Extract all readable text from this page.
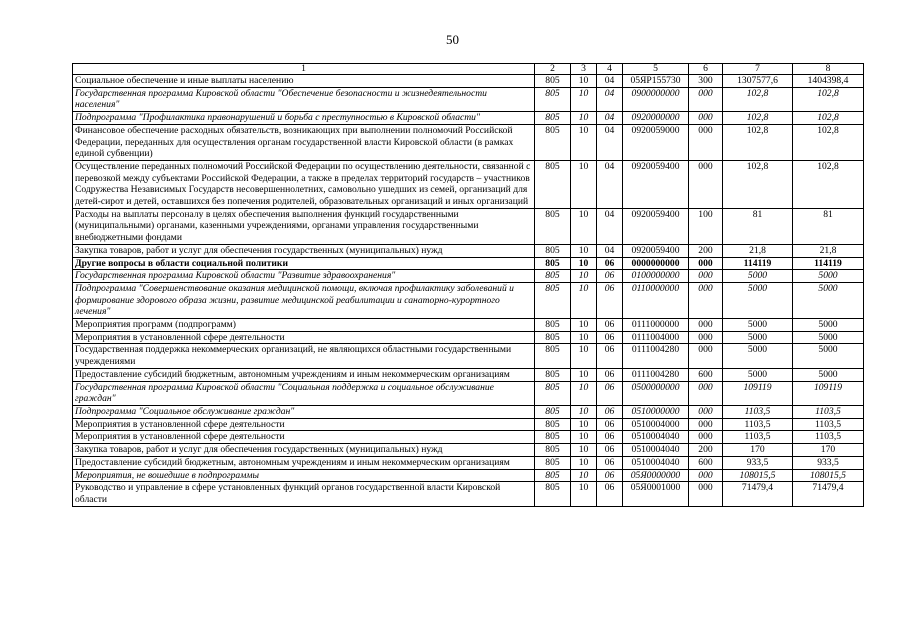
50
1	2	3	4	5	6	7	8
Социальное обеспечение и иные выплаты населению	805	10	04	05ЯР155730	300	1307577,6	1404398,4
Государственная программа Кировской области "Обеспечение безопасности и жизнедеятельности населения"	805	10	04	0900000000	000	102,8	102,8
Подпрограмма "Профилактика правонарушений и борьба с преступностью в Кировской области"	805	10	04	0920000000	000	102,8	102,8
Финансовое обеспечение расходных обязательств, возникающих при выполнении полномочий Российской Федерации, переданных для осуществления органам государственной власти Кировской области (в рамках единой субвенции)	805	10	04	0920059000	000	102,8	102,8
Осуществление переданных полномочий Российской Федерации по осуществлению деятельности, связанной с перевозкой между субъектами Российской Федерации, а также в пределах территорий государств – участников Содружества Независимых Государств несовершеннолетних, самовольно ушедших из семей, организаций для детей-сирот и детей, оставшихся без попечения родителей, образовательных организаций и иных организаций	805	10	04	0920059400	000	102,8	102,8
Расходы на выплаты персоналу в целях обеспечения выполнения функций государственными (муниципальными) органами, казенными учреждениями, органами управления государственными внебюджетными фондами	805	10	04	0920059400	100	81	81
Закупка товаров, работ и услуг для обеспечения государственных (муниципальных) нужд	805	10	04	0920059400	200	21,8	21,8
Другие вопросы в области социальной политики	805	10	06	0000000000	000	114119	114119
Государственная программа Кировской области "Развитие здравоохранения"	805	10	06	0100000000	000	5000	5000
Подпрограмма "Совершенствование оказания медицинской помощи, включая профилактику заболеваний и формирование здорового образа жизни, развитие медицинской реабилитации и санаторно-курортного лечения"	805	10	06	0110000000	000	5000	5000
Мероприятия программ (подпрограмм)	805	10	06	0111000000	000	5000	5000
Мероприятия в установленной сфере деятельности	805	10	06	0111004000	000	5000	5000
Государственная поддержка некоммерческих организаций, не являющихся областными государственными учреждениями	805	10	06	0111004280	000	5000	5000
Предоставление субсидий бюджетным, автономным учреждениям и иным некоммерческим организациям	805	10	06	0111004280	600	5000	5000
Государственная программа Кировской области "Социальная поддержка и социальное обслуживание граждан"	805	10	06	0500000000	000	109119	109119
Подпрограмма "Социальное обслуживание граждан"	805	10	06	0510000000	000	1103,5	1103,5
Мероприятия в установленной сфере деятельности	805	10	06	0510004000	000	1103,5	1103,5
Мероприятия в установленной сфере деятельности	805	10	06	0510004040	000	1103,5	1103,5
Закупка товаров, работ и услуг для обеспечения государственных (муниципальных) нужд	805	10	06	0510004040	200	170	170
Предоставление субсидий бюджетным, автономным учреждениям и иным некоммерческим организациям	805	10	06	0510004040	600	933,5	933,5
Мероприятия, не вошедшие в подпрограммы	805	10	06	05Я0000000	000	108015,5	108015,5
Руководство и управление в сфере установленных функций органов государственной власти Кировской области	805	10	06	05Я0001000	000	71479,4	71479,4
